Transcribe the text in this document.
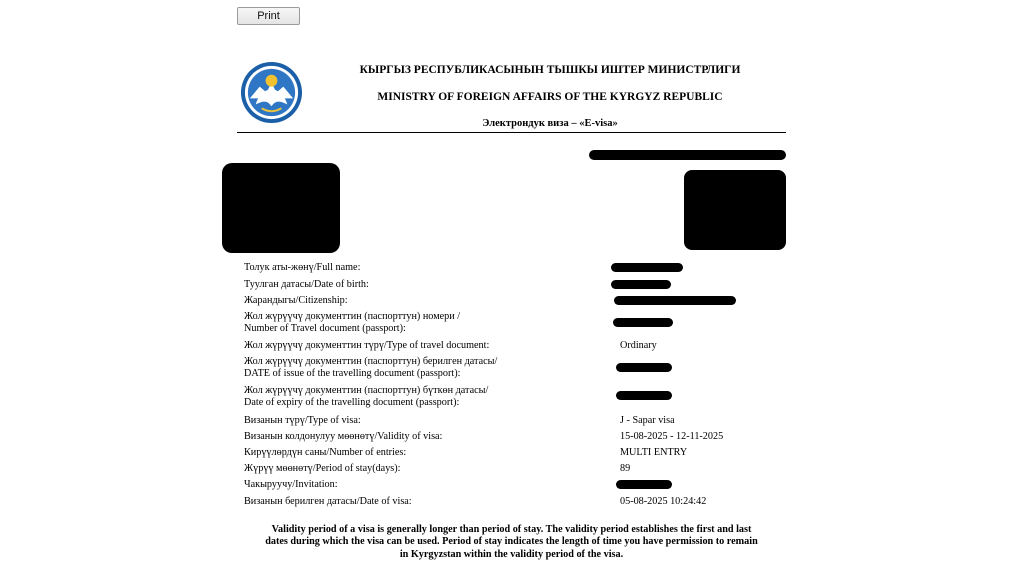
Print
КЫРГЫЗ РЕСПУБЛИКАСЫНЫН ТЫШКЫ ИШТЕР МИНИСТРЛИГИ
MINISTRY OF FOREIGN AFFAIRS OF THE KYRGYZ REPUBLIC
Электрондук виза – «E-visa»
Толук аты-жөнү/Full name:
Туулган датасы/Date of birth:
Жарандыгы/Citizenship:
Жол жүрүүчү документтин (паспорттун) номери /
Number of Travel document (passport):
Жол жүрүүчү документтин түрү/Type of travel document:	Ordinary
Жол жүрүүчү документтин (паспорттун) берилген датасы/
DATE of issue of the travelling document (passport):
Жол жүрүүчү документтин (паспорттун) бүткөн датасы/
Date of expiry of the travelling document (passport):
Визанын түрү/Type of visa:	J - Sapar visa
Визанын колдонулуу мөөнөтү/Validity of visa:	15-08-2025 - 12-11-2025
Кирүүлөрдүн саны/Number of entries:	MULTI ENTRY
Жүрүү мөөнөтү/Period of stay(days):	89
Чакыруучу/Invitation:
Визанын берилген датасы/Date of visa:	05-08-2025 10:24:42
Validity period of a visa is generally longer than period of stay. The validity period establishes the first and last
dates during which the visa can be used. Period of stay indicates the length of time you have permission to remain
in Kyrgyzstan within the validity period of the visa.
